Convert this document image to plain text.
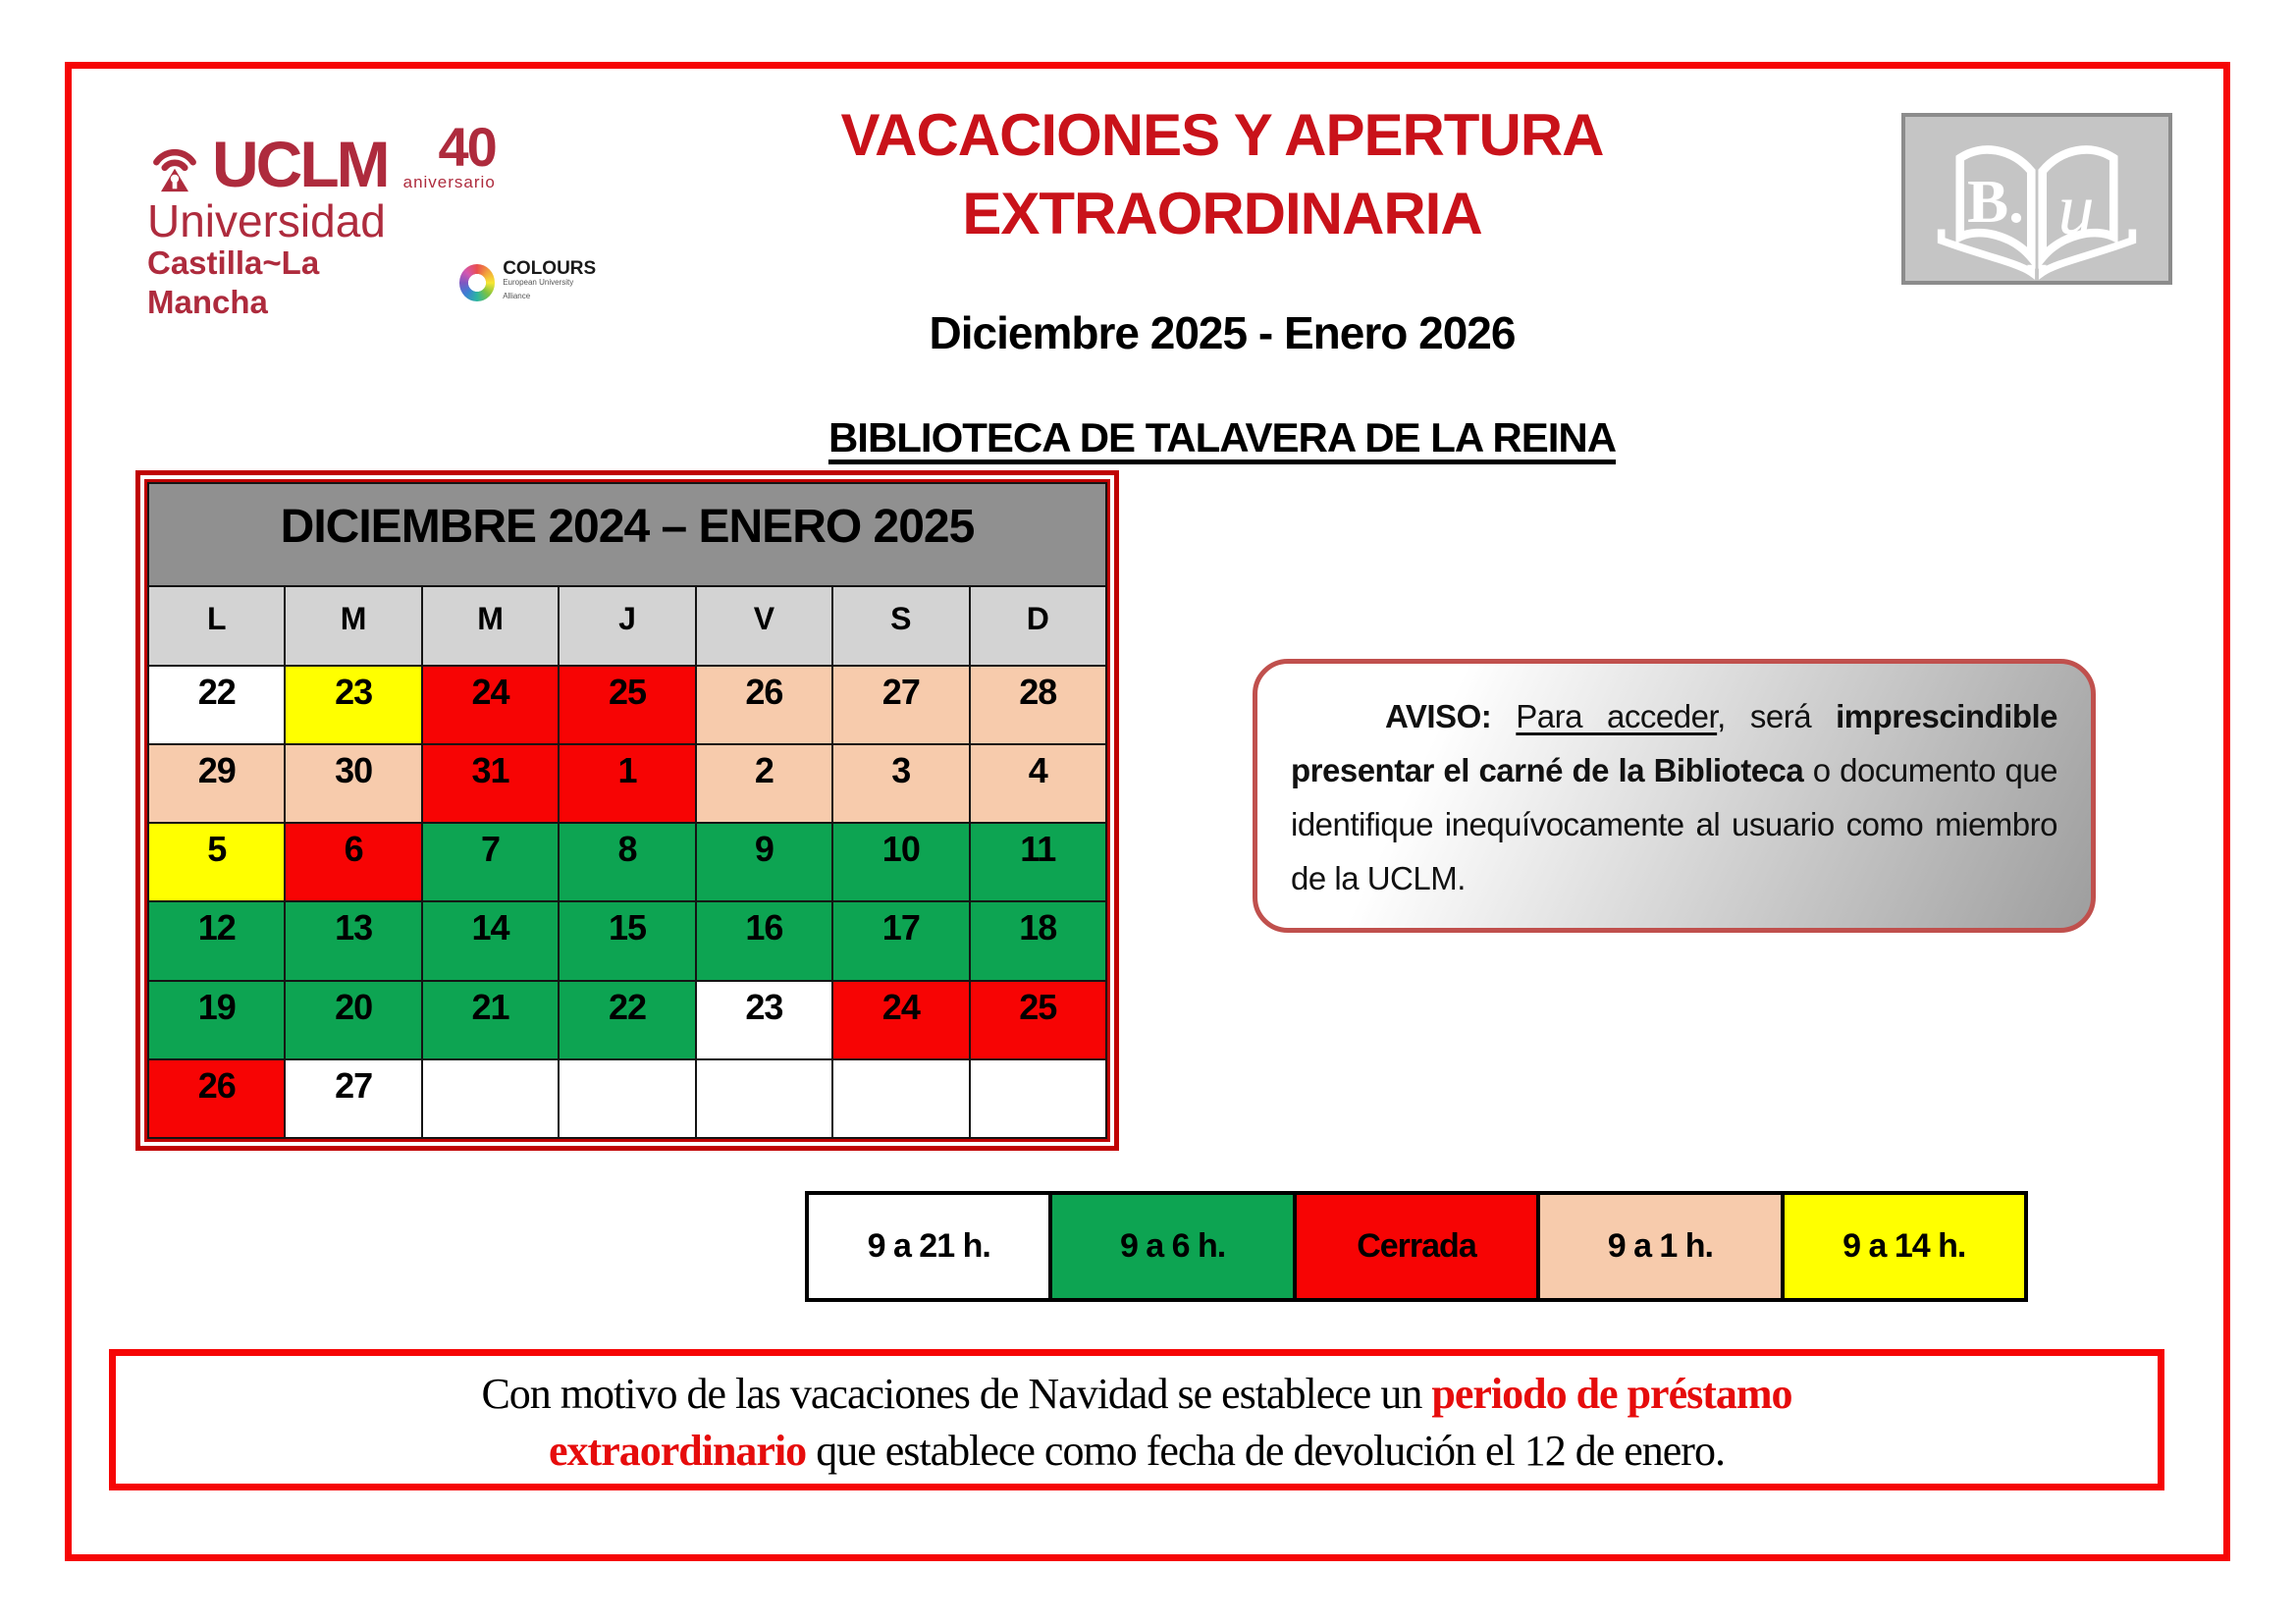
UCLM 40
aniversario
Universidad
Castilla~La Mancha
COLOURS
European University Alliance
VACACIONES Y APERTURA
EXTRAORDINARIA
Diciembre 2025 - Enero 2026
BIBLIOTECA DE TALAVERA DE LA REINA
B. u
DICIEMBRE 2024 – ENERO 2025						
L	M	M	J	V	S	D
22	23	24	25	26	27	28
29	30	31	1	2	3	4
5	6	7	8	9	10	11
12	13	14	15	16	17	18
19	20	21	22	23	24	25
26	27					
AVISO: Para acceder, será imprescindible presentar el carné de la Biblioteca o documento que identifique inequívocamente al usuario como miembro de la UCLM.
9 a 21 h.	9 a 6 h.	Cerrada	9 a 1 h.	9 a 14 h.
Con motivo de las vacaciones de Navidad se establece un periodo de préstamo extraordinario que establece como fecha de devolución el 12 de enero.
